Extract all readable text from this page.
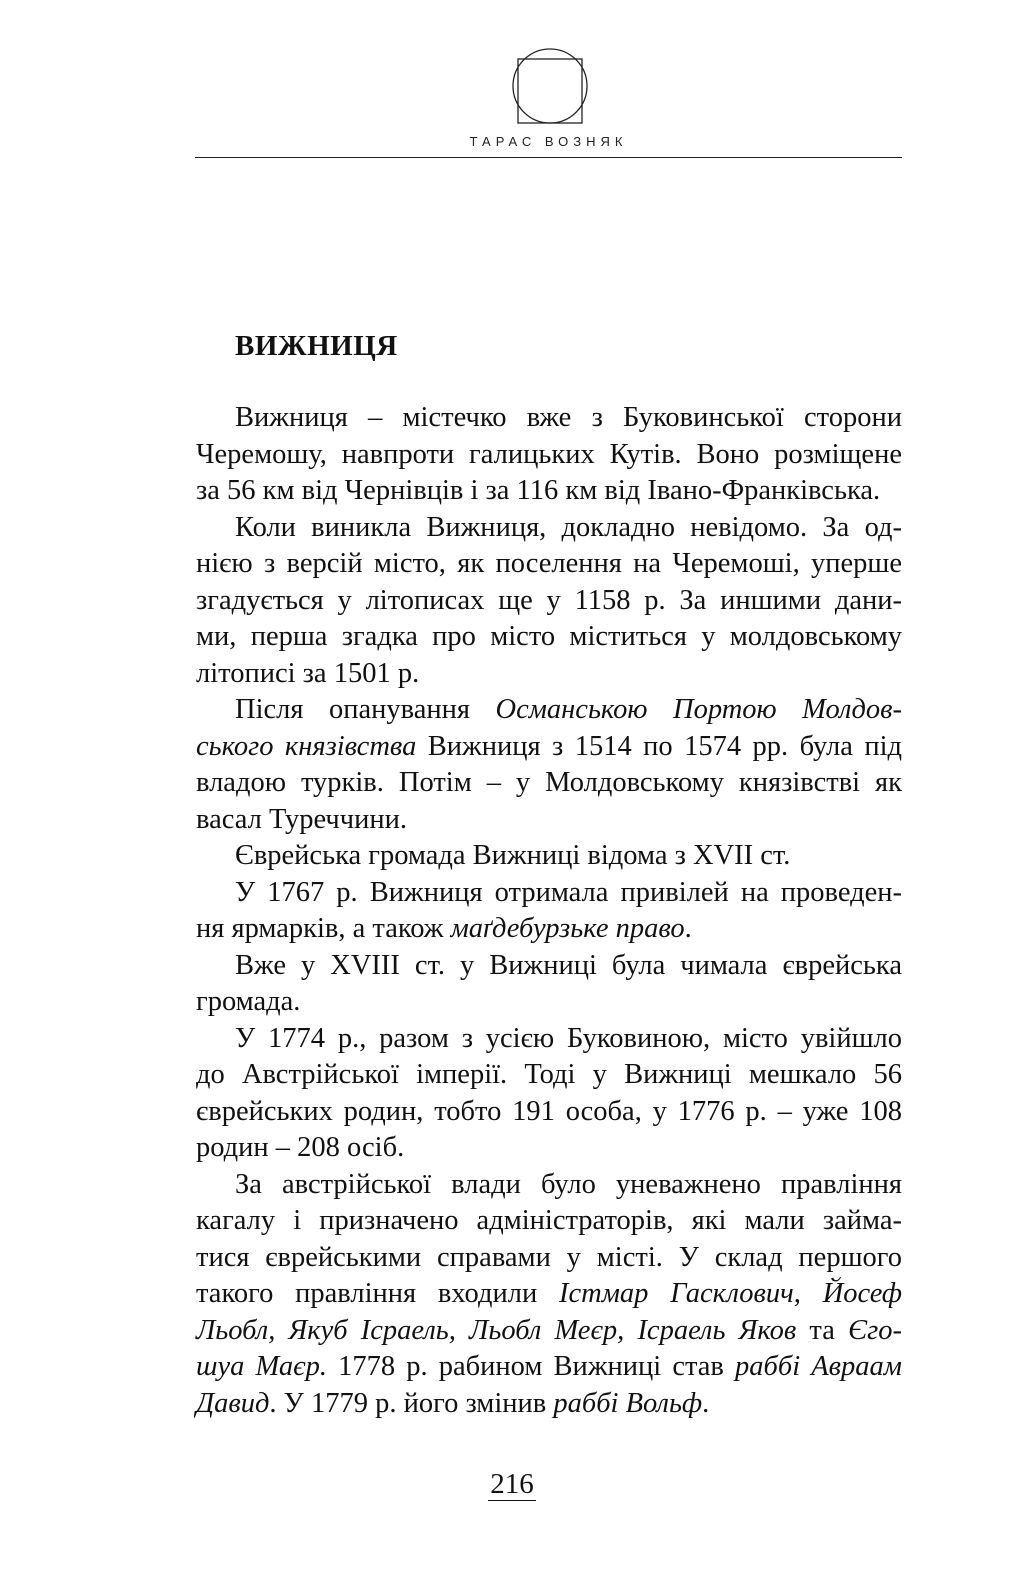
ТАРАС ВОЗНЯК
ВИЖНИЦЯ

Вижниця – містечко вже з Буковинської сторони
Черемошу, навпроти галицьких Кутів. Воно розміщене
за 56 км від Чернівців і за 116 км від Івано-Франківська.

Коли виникла Вижниця, докладно невідомо. За од-
нією з версій місто, як поселення на Черемоші, уперше
згадується у літописах ще у 1158 р. За иншими дани-
ми, перша згадка про місто міститься у молдовському
літописі за 1501 р.

Після опанування Османською Портою Молдов-
ського князівства Вижниця з 1514 по 1574 рр. була під
владою турків. Потім – у Молдовському князівстві як
васал Туреччини.

Єврейська громада Вижниці відома з XVII ст.

У 1767 р. Вижниця отримала привілей на проведен-
ня ярмарків, а також маґдебурзьке право.

Вже у XVIII ст. у Вижниці була чимала єврейська
громада.

У 1774 р., разом з усією Буковиною, місто увійшло
до Австрійської імперії. Тоді у Вижниці мешкало 56
єврейських родин, тобто 191 особа, у 1776 р. – уже 108
родин – 208 осіб.

За австрійської влади було уневажнено правління
кагалу і призначено адміністраторів, які мали займа-
тися єврейськими справами у місті. У склад першого
такого правління входили Істмар Гасклович, Йосеф
Льобл, Якуб Ісраель, Льобл Меєр, Ісраель Яков та Єго-
шуа Маєр. 1778 р. рабином Вижниці став раббі Авраам
Давид. У 1779 р. його змінив раббі Вольф.

216
